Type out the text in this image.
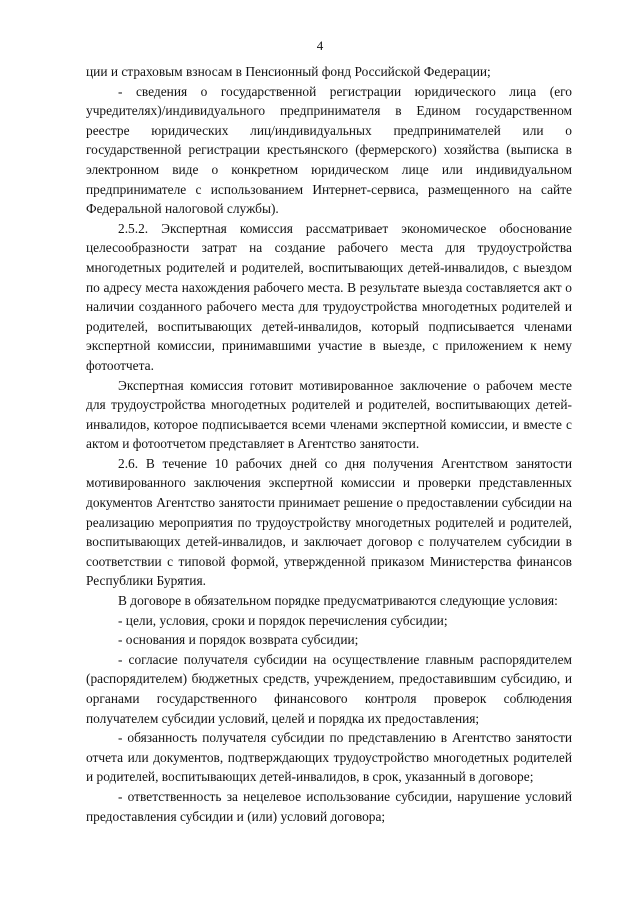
4

ции и страховым взносам в Пенсионный фонд Российской Федерации;

- сведения о государственной регистрации юридического лица (его учредителях)/индивидуального предпринимателя в Едином государственном реестре юридических лиц/индивидуальных предпринимателей или о государственной регистрации крестьянского (фермерского) хозяйства (выписка в электронном виде о конкретном юридическом лице или индивидуальном предпринимателе с использованием Интернет-сервиса, размещенного на сайте Федеральной налоговой службы).

2.5.2. Экспертная комиссия рассматривает экономическое обоснование целесообразности затрат на создание рабочего места для трудоустройства многодетных родителей и родителей, воспитывающих детей-инвалидов, с выездом по адресу места нахождения рабочего места. В результате выезда составляется акт о наличии созданного рабочего места для трудоустройства многодетных родителей и родителей, воспитывающих детей-инвалидов, который подписывается членами экспертной комиссии, принимавшими участие в выезде, с приложением к нему фотоотчета.

Экспертная комиссия готовит мотивированное заключение о рабочем месте для трудоустройства многодетных родителей и родителей, воспитывающих детей-инвалидов, которое подписывается всеми членами экспертной комиссии, и вместе с актом и фотоотчетом представляет в Агентство занятости.

2.6. В течение 10 рабочих дней со дня получения Агентством занятости мотивированного заключения экспертной комиссии и проверки представленных документов Агентство занятости принимает решение о предоставлении субсидии на реализацию мероприятия по трудоустройству многодетных родителей и родителей, воспитывающих детей-инвалидов, и заключает договор с получателем субсидии в соответствии с типовой формой, утвержденной приказом Министерства финансов Республики Бурятия.

В договоре в обязательном порядке предусматриваются следующие условия:

- цели, условия, сроки и порядок перечисления субсидии;

- основания и порядок возврата субсидии;

- согласие получателя субсидии на осуществление главным распорядителем (распорядителем) бюджетных средств, учреждением, предоставившим субсидию, и органами государственного финансового контроля проверок соблюдения получателем субсидии условий, целей и порядка их предоставления;

- обязанность получателя субсидии по представлению в Агентство занятости отчета или документов, подтверждающих трудоустройство многодетных родителей и родителей, воспитывающих детей-инвалидов, в срок, указанный в договоре;

- ответственность за нецелевое использование субсидии, нарушение условий предоставления субсидии и (или) условий договора;
